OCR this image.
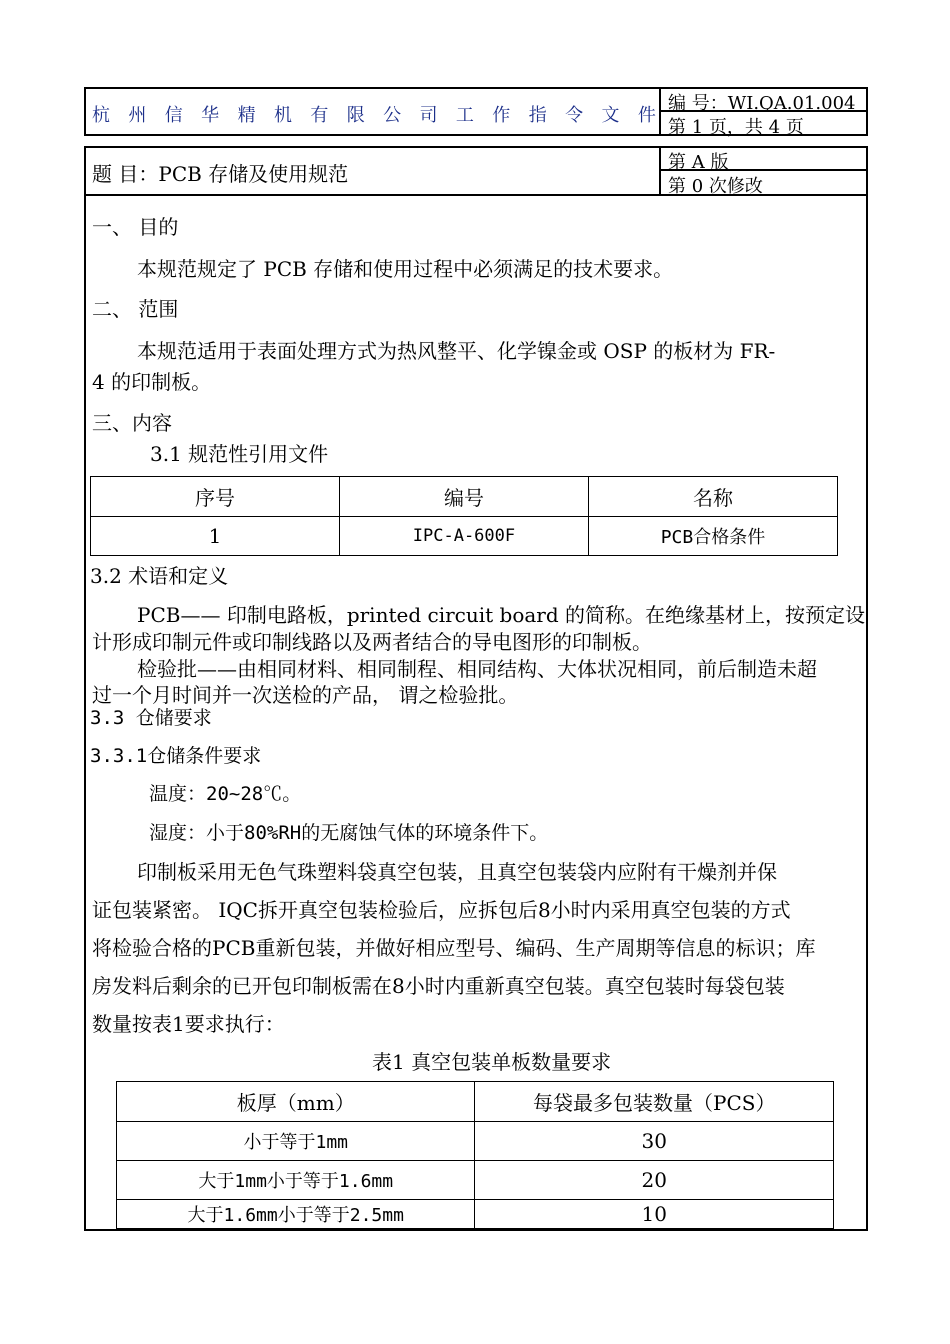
杭 州 信 华 精 机 有 限 公 司 工 作 指 令 文 件
编 号：WI.QA.01.004
第 1 页，共 4 页
题 目：PCB 存储及使用规范	第 A 版
第 0 次修改
一、 目的
本规范规定了 PCB 存储和使用过程中必须满足的技术要求。
二、 范围
本规范适用于表面处理方式为热风整平、化学镍金或 OSP 的板材为 FR-
4 的印制板。
三、内容
3.1 规范性引用文件
序号	编号	名称
1	IPC-A-600F	PCB合格条件
3.2 术语和定义
PCB—— 印制电路板，printed circuit board 的简称。在绝缘基材上，按预定设
计形成印制元件或印制线路以及两者结合的导电图形的印制板。
检验批——由相同材料、相同制程、相同结构、大体状况相同，前后制造未超
过一个月时间并一次送检的产品， 谓之检验批。
3.3 仓储要求
3.3.1仓储条件要求
温度：20~28℃。
湿度：小于80%RH的无腐蚀气体的环境条件下。
印制板采用无色气珠塑料袋真空包装，且真空包装袋内应附有干燥剂并保
证包装紧密。 IQC拆开真空包装检验后，应拆包后8小时内采用真空包装的方式
将检验合格的PCB重新包装，并做好相应型号、编码、生产周期等信息的标识；库
房发料后剩余的已开包印制板需在8小时内重新真空包装。真空包装时每袋包装
数量按表1要求执行：
表1 真空包装单板数量要求
板厚（mm）	每袋最多包装数量（PCS）
小于等于1mm	30
大于1mm小于等于1.6mm	20
大于1.6mm小于等于2.5mm	10
